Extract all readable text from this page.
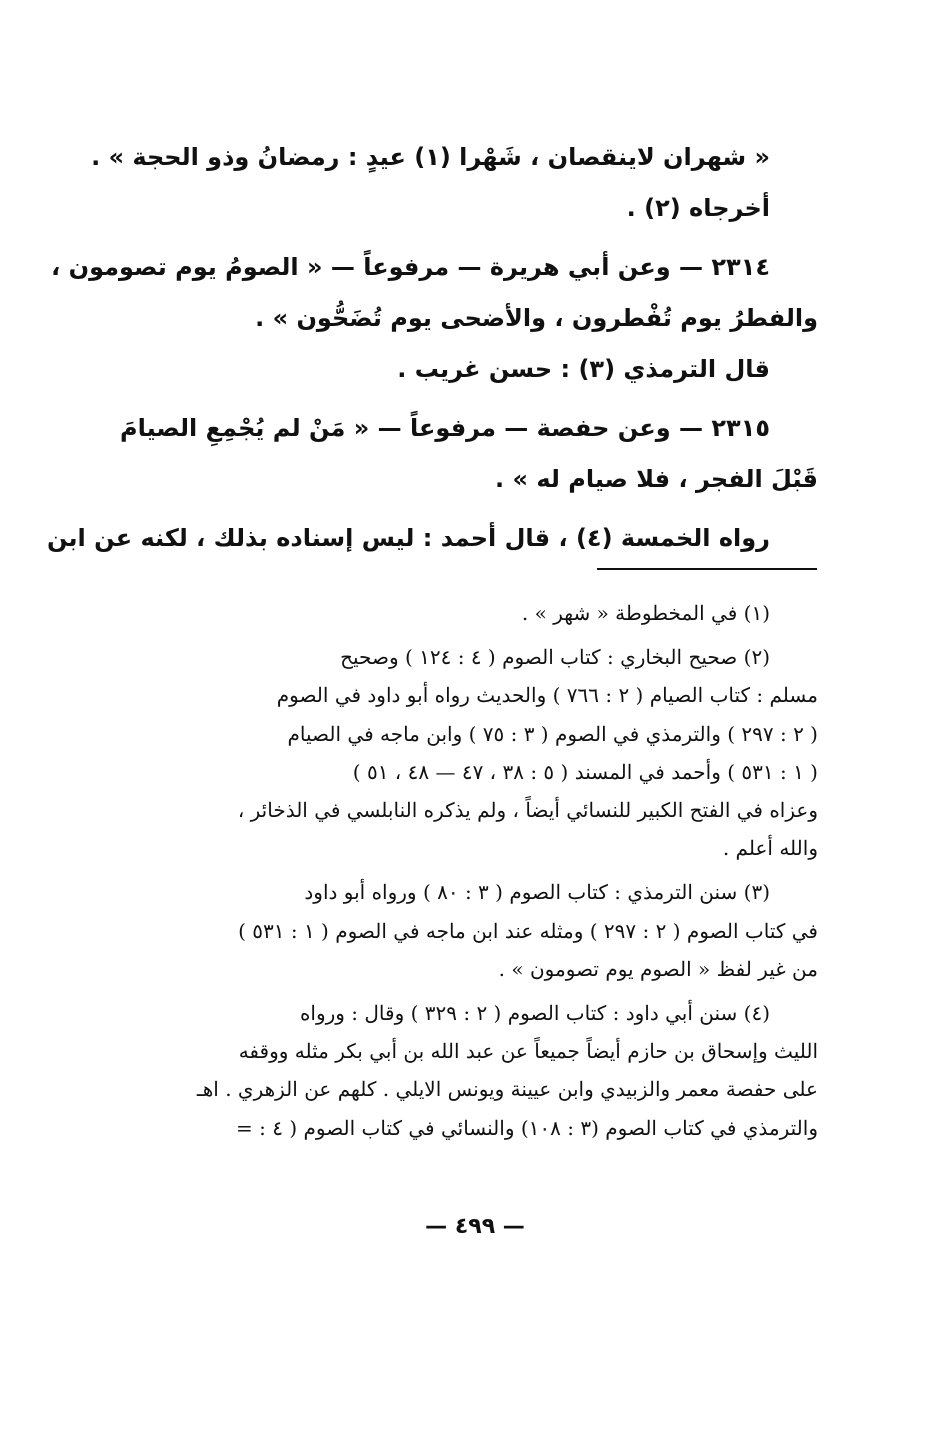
« شهران لاينقصان ، شَهْرا (١) عيدٍ : رمضانُ وذو الحجة » .

أخرجاه (٢) .

٢٣١٤ — وعن أبي هريرة — مرفوعاً — « الصومُ يوم تصومون ،

والفطرُ يوم تُفْطرون ، والأضحى يوم تُضَحُّون » .

قال الترمذي (٣) : حسن غريب .

٢٣١٥ — وعن حفصة — مرفوعاً — « مَنْ لم يُجْمِعِ الصيامَ

قَبْلَ الفجر ، فلا صيام له » .

رواه الخمسة (٤) ، قال أحمد : ليس إسناده بذلك ، لكنه عن ابن

(١) في المخطوطة « شهر » .

(٢) صحيح البخاري : كتاب الصوم ( ٤ : ١٢٤ ) وصحيح

مسلم : كتاب الصيام ( ٢ : ٧٦٦ ) والحديث رواه أبو داود في الصوم

( ٢ : ٢٩٧ ) والترمذي في الصوم ( ٣ : ٧٥ ) وابن ماجه في الصيام

( ١ : ٥٣١ ) وأحمد في المسند ( ٥ : ٣٨ ، ٤٧ — ٤٨ ، ٥١ )

وعزاه في الفتح الكبير للنسائي أيضاً ، ولم يذكره النابلسي في الذخائر ،

والله أعلم .

(٣) سنن الترمذي : كتاب الصوم ( ٣ : ٨٠ ) ورواه أبو داود

في كتاب الصوم ( ٢ : ٢٩٧ ) ومثله عند ابن ماجه في الصوم ( ١ : ٥٣١ )

من غير لفظ « الصوم يوم تصومون » .

(٤) سنن أبي داود : كتاب الصوم ( ٢ : ٣٢٩ ) وقال : ورواه

الليث وإسحاق بن حازم أيضاً جميعاً عن عبد الله بن أبي بكر مثله ووقفه

على حفصة معمر والزبيدي وابن عيينة ويونس الايلي . كلهم عن الزهري . اهـ

والترمذي في كتاب الصوم (٣ : ١٠٨) والنسائي في كتاب الصوم ( ٤ : =

— ٤٩٩ —
